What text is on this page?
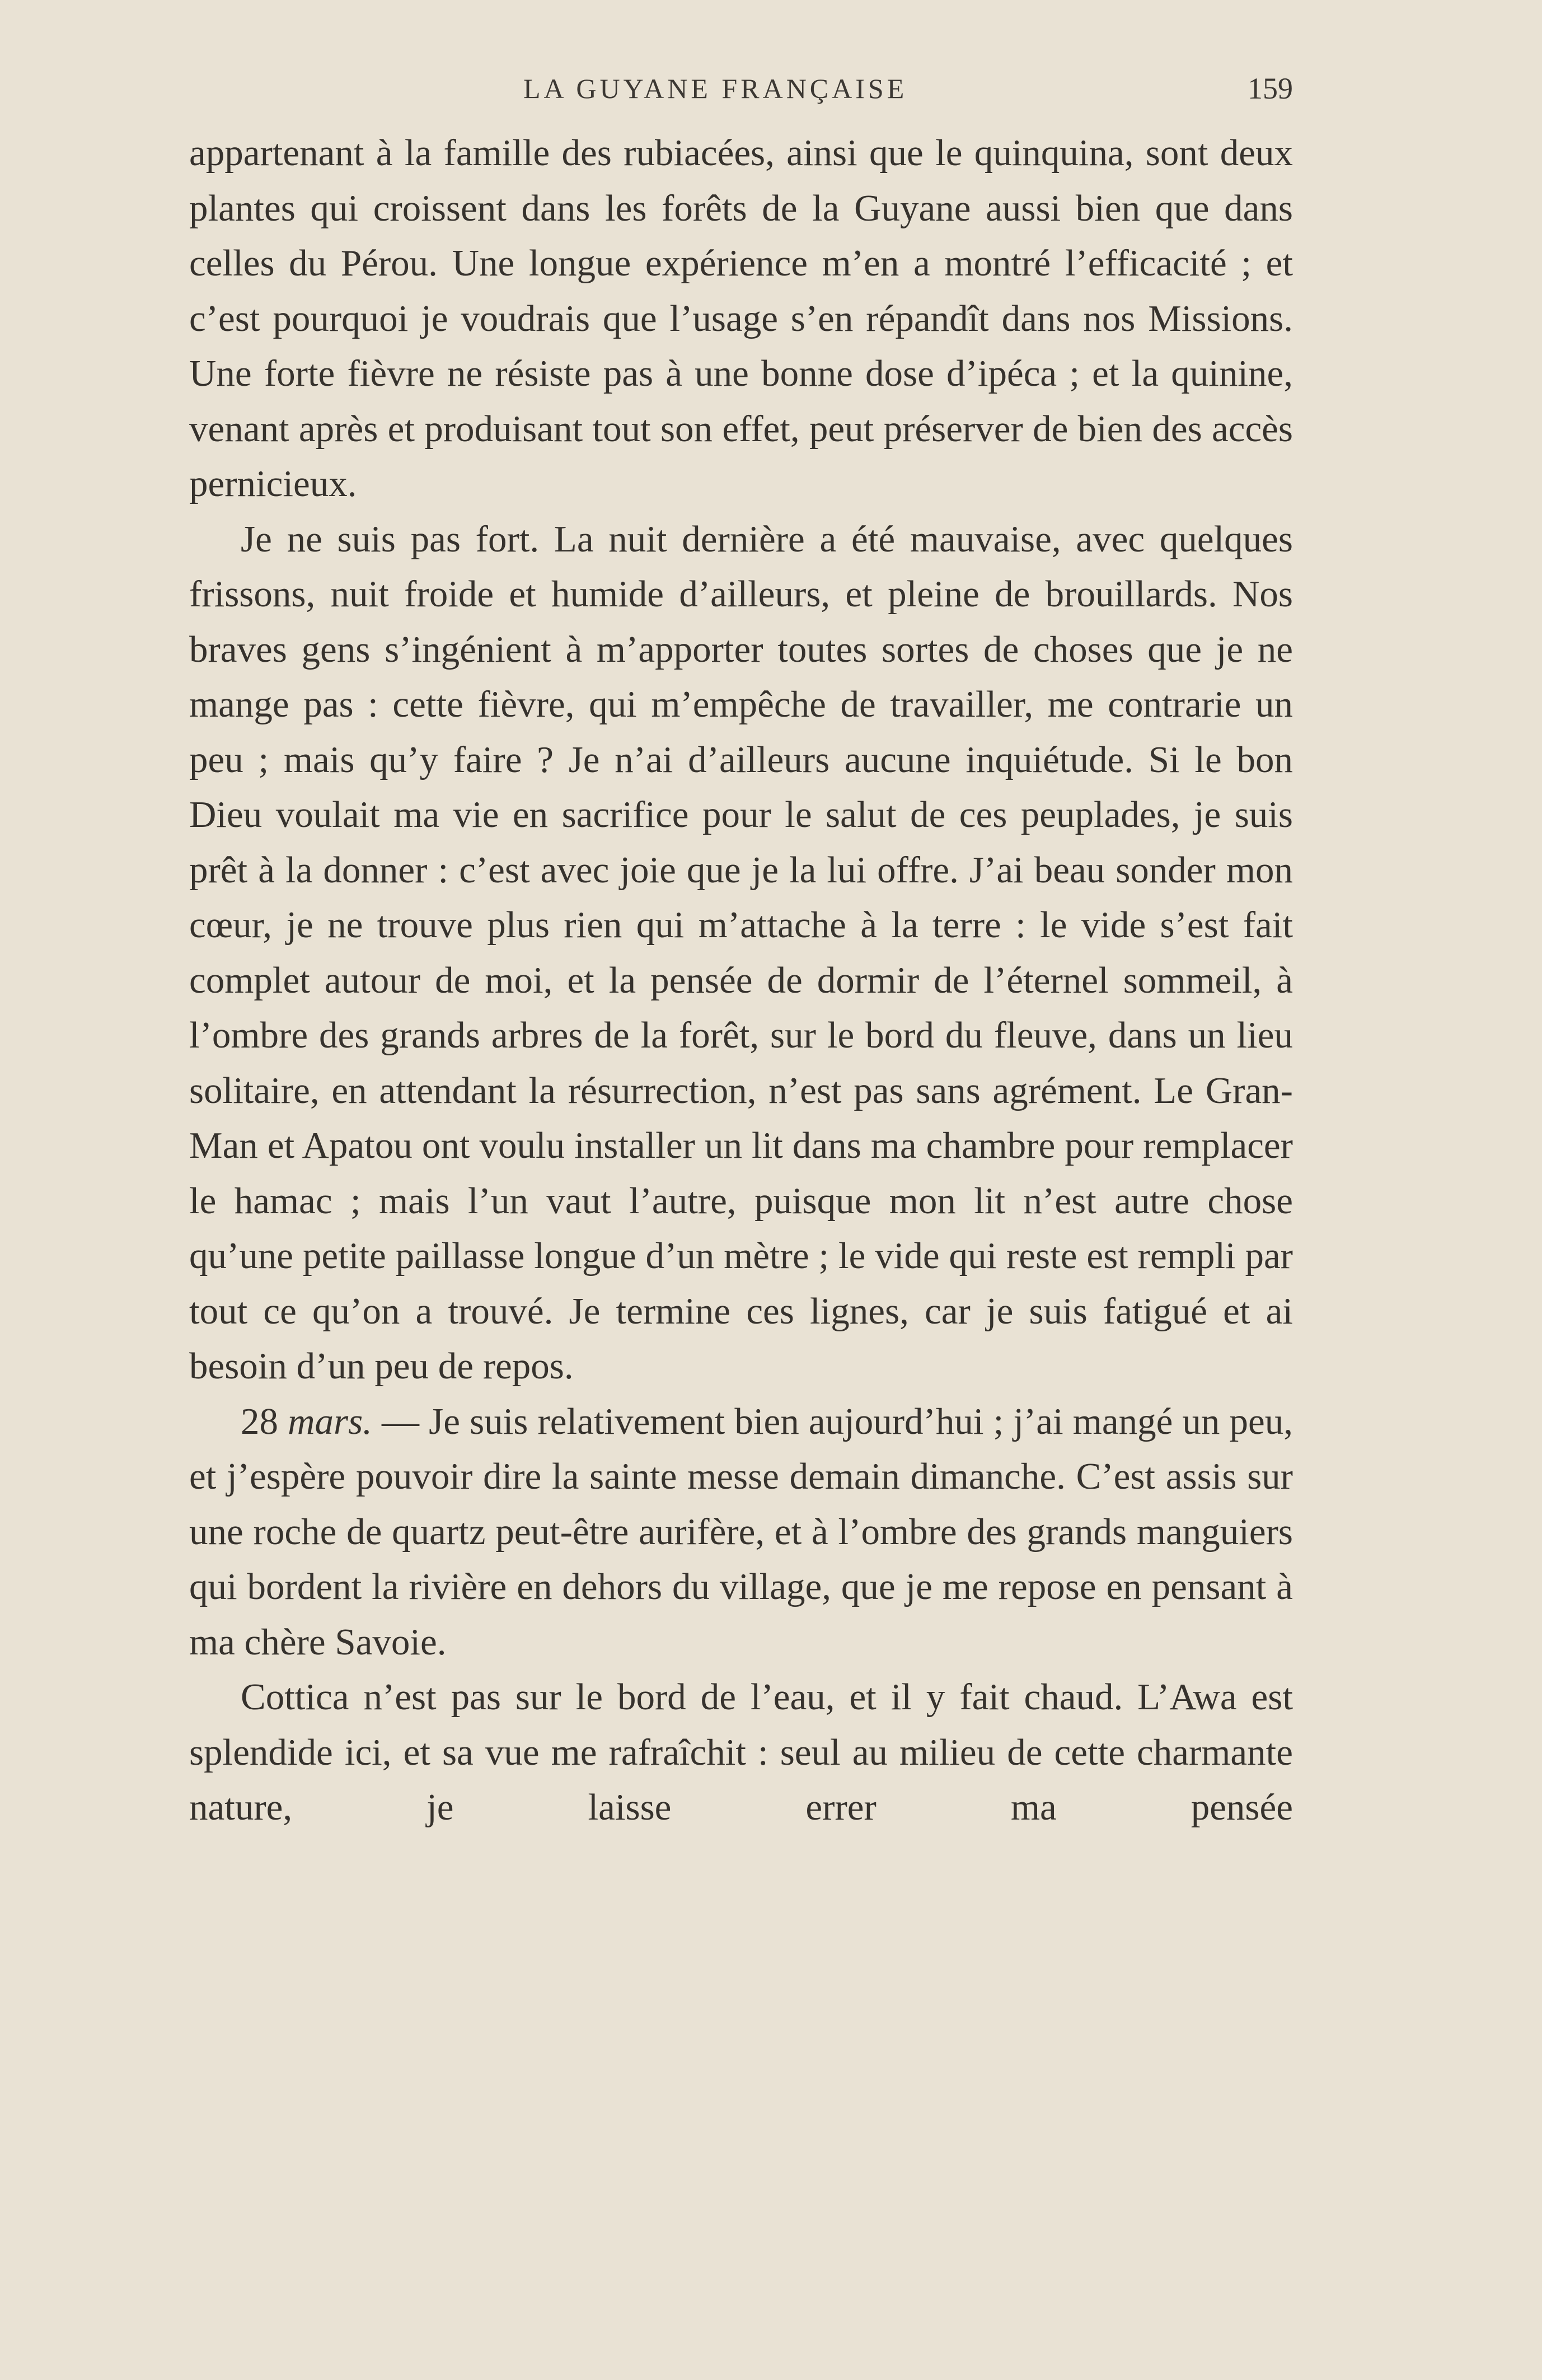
LA GUYANE FRANÇAISE	159

appartenant à la famille des rubiacées, ainsi que le quinquina, sont deux plantes qui croissent dans les forêts de la Guyane aussi bien que dans celles du Pérou. Une longue expérience m’en a montré l’efficacité ; et c’est pourquoi je voudrais que l’usage s’en répandît dans nos Missions. Une forte fièvre ne résiste pas à une bonne dose d’ipéca ; et la quinine, venant après et produisant tout son effet, peut préserver de bien des accès pernicieux.

Je ne suis pas fort. La nuit dernière a été mauvaise, avec quelques frissons, nuit froide et humide d’ailleurs, et pleine de brouillards. Nos braves gens s’ingénient à m’apporter toutes sortes de choses que je ne mange pas : cette fièvre, qui m’empêche de travailler, me contrarie un peu ; mais qu’y faire ? Je n’ai d’ailleurs aucune inquiétude. Si le bon Dieu voulait ma vie en sacrifice pour le salut de ces peuplades, je suis prêt à la donner : c’est avec joie que je la lui offre. J’ai beau sonder mon cœur, je ne trouve plus rien qui m’attache à la terre : le vide s’est fait complet autour de moi, et la pensée de dormir de l’éternel sommeil, à l’ombre des grands arbres de la forêt, sur le bord du fleuve, dans un lieu solitaire, en attendant la résurrection, n’est pas sans agrément. Le Gran-Man et Apatou ont voulu installer un lit dans ma chambre pour remplacer le hamac ; mais l’un vaut l’autre, puisque mon lit n’est autre chose qu’une petite paillasse longue d’un mètre ; le vide qui reste est rempli par tout ce qu’on a trouvé. Je termine ces lignes, car je suis fatigué et ai besoin d’un peu de repos.

28 mars. — Je suis relativement bien aujourd’hui ; j’ai mangé un peu, et j’espère pouvoir dire la sainte messe demain dimanche. C’est assis sur une roche de quartz peut-être aurifère, et à l’ombre des grands manguiers qui bordent la rivière en dehors du village, que je me repose en pensant à ma chère Savoie.

Cottica n’est pas sur le bord de l’eau, et il y fait chaud. L’Awa est splendide ici, et sa vue me rafraîchit : seul au milieu de cette charmante nature, je laisse errer ma pensée
